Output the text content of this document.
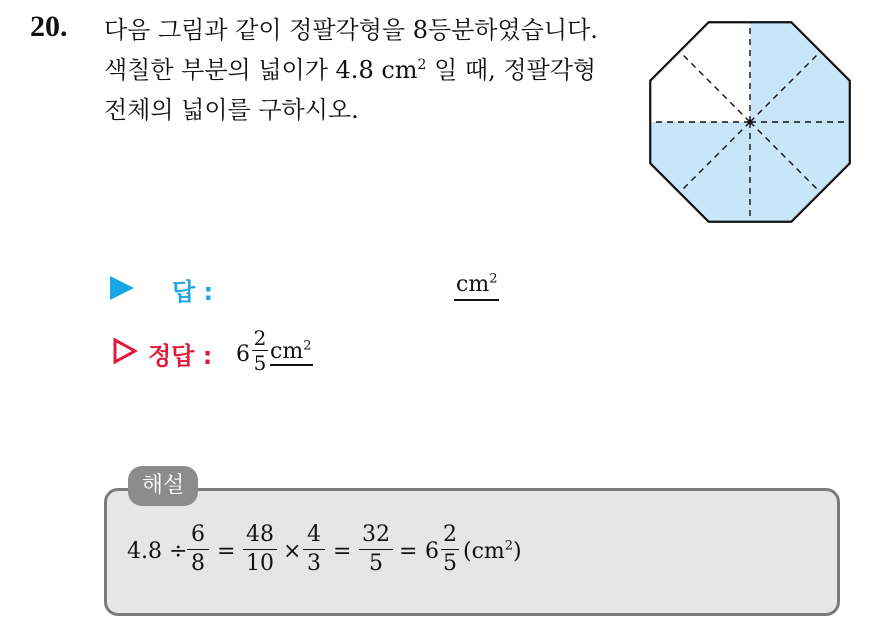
20. 다음 그림과 같이 정팔각형을 8등분하였습니다.
색칠한 부분의 넓이가 4.8 $cm^2$ 일 때, 정팔각형
전체의 넓이를 구하시오.
답 :	$cm^2$
정답 : $6 \frac{2}{5} cm^2$
해설
$4.8 \div \frac{6}{8} = \frac{48}{10} \times \frac{4}{3} = \frac{32}{5} = 6 \frac{2}{5} (cm^2)$
